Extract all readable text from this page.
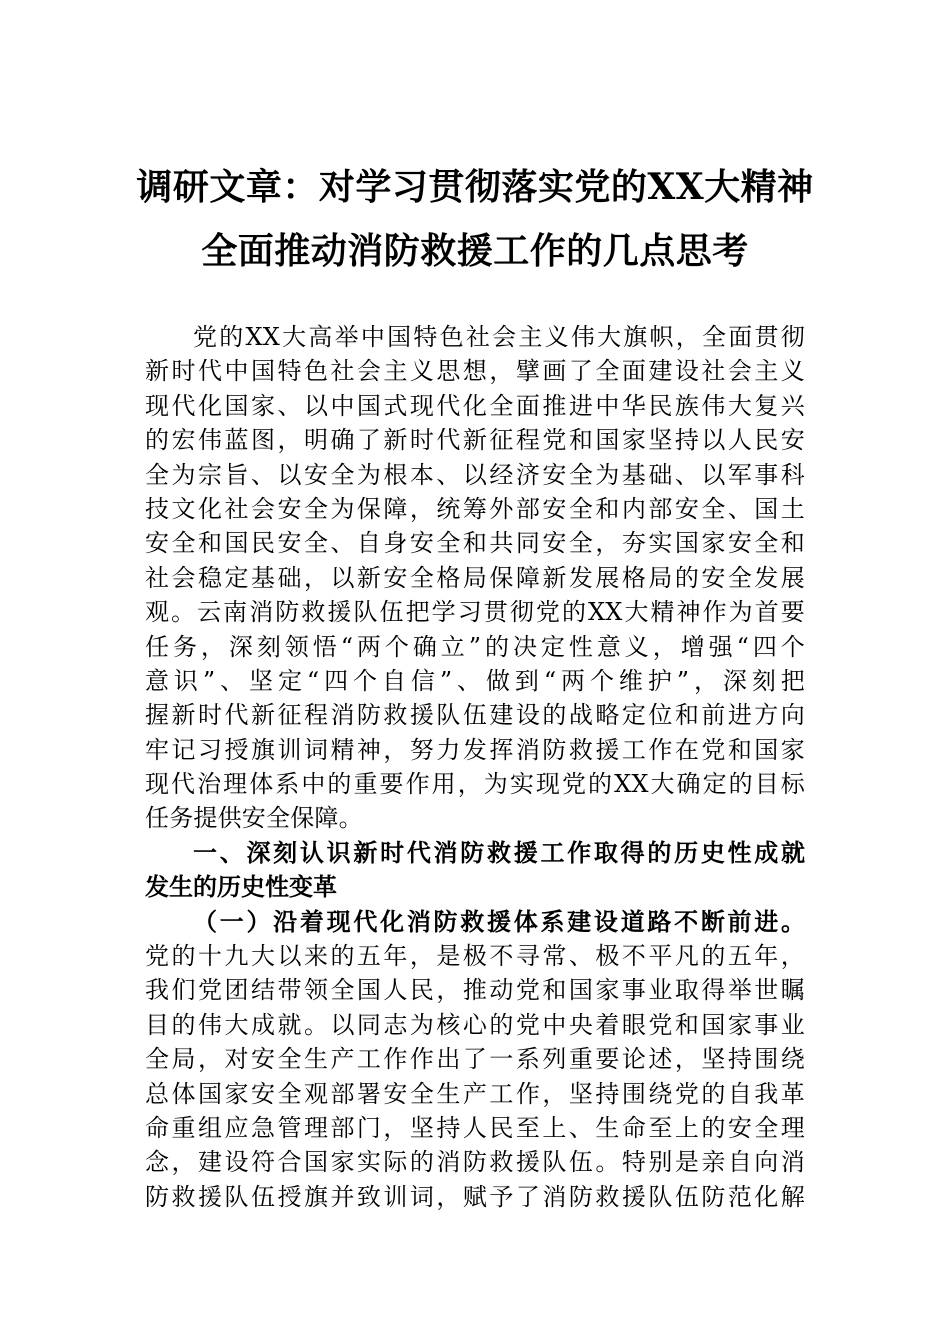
调研文章：对学习贯彻落实党的XX大精神
全面推动消防救援工作的几点思考
党的XX大高举中国特色社会主义伟大旗帜，全面贯彻
新时代中国特色社会主义思想，擘画了全面建设社会主义
现代化国家、以中国式现代化全面推进中华民族伟大复兴
的宏伟蓝图，明确了新时代新征程党和国家坚持以人民安
全为宗旨、以安全为根本、以经济安全为基础、以军事科
技文化社会安全为保障，统筹外部安全和内部安全、国土
安全和国民安全、自身安全和共同安全，夯实国家安全和
社会稳定基础，以新安全格局保障新发展格局的安全发展
观。云南消防救援队伍把学习贯彻党的XX大精神作为首要
任务，深刻领悟“两个确立”的决定性意义，增强“四个
意识”、坚定“四个自信”、做到“两个维护”，深刻把
握新时代新征程消防救援队伍建设的战略定位和前进方向
牢记习授旗训词精神，努力发挥消防救援工作在党和国家
现代治理体系中的重要作用，为实现党的XX大确定的目标
任务提供安全保障。
一、深刻认识新时代消防救援工作取得的历史性成就
发生的历史性变革
（一）沿着现代化消防救援体系建设道路不断前进。
党的十九大以来的五年，是极不寻常、极不平凡的五年，
我们党团结带领全国人民，推动党和国家事业取得举世瞩
目的伟大成就。以同志为核心的党中央着眼党和国家事业
全局，对安全生产工作作出了一系列重要论述，坚持围绕
总体国家安全观部署安全生产工作，坚持围绕党的自我革
命重组应急管理部门，坚持人民至上、生命至上的安全理
念，建设符合国家实际的消防救援队伍。特别是亲自向消
防救援队伍授旗并致训词，赋予了消防救援队伍防范化解
